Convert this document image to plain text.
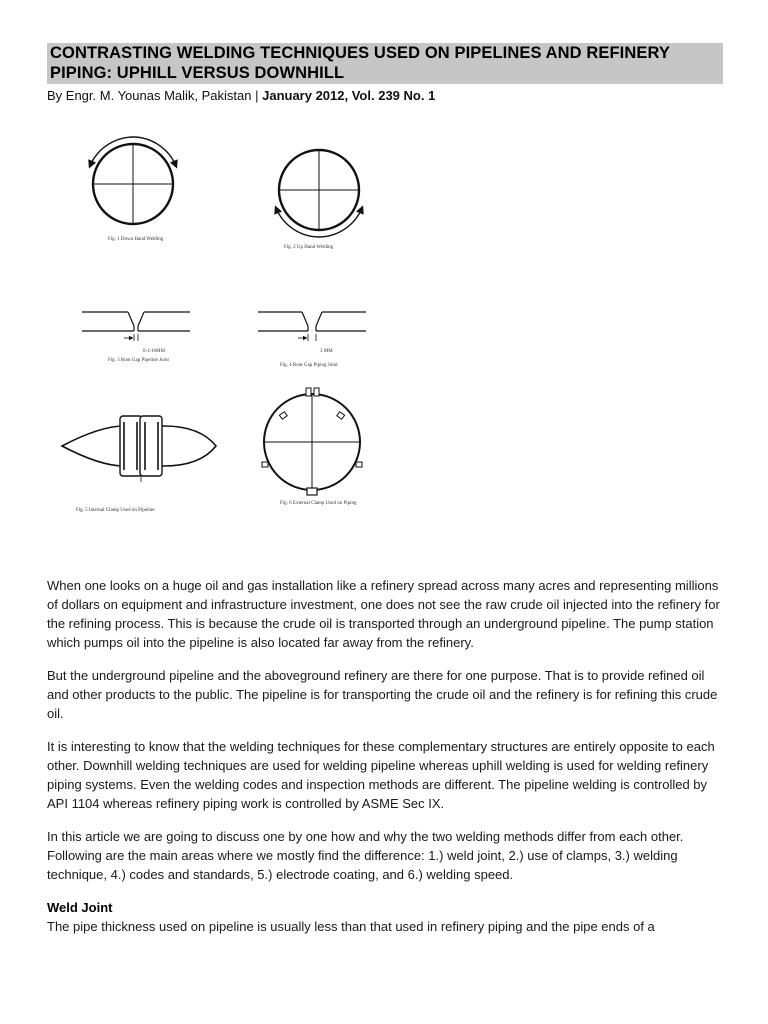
CONTRASTING WELDING TECHNIQUES USED ON PIPELINES AND REFINERY PIPING: UPHILL VERSUS DOWNHILL
By Engr. M. Younas Malik, Pakistan | January 2012, Vol. 239 No. 1
Fig. 1 Down Hand Welding
Fig. 2 Up Hand Welding
0-1/16MM
Fig. 3 Root Gap Pipeline Joint
3 MM
Fig. 4 Root Gap Piping Joint
Fig. 5 Internal Clamp Used on Pipeline
Fig. 6 External Clamp Used on Piping

When one looks on a huge oil and gas installation like a refinery spread across many acres and representing millions of dollars on equipment and infrastructure investment, one does not see the raw crude oil injected into the refinery for the refining process. This is because the crude oil is transported through an underground pipeline. The pump station which pumps oil into the pipeline is also located far away from the refinery.

But the underground pipeline and the aboveground refinery are there for one purpose. That is to provide refined oil and other products to the public. The pipeline is for transporting the crude oil and the refinery is for refining this crude oil.

It is interesting to know that the welding techniques for these complementary structures are entirely opposite to each other. Downhill welding techniques are used for welding pipeline whereas uphill welding is used for welding refinery piping systems. Even the welding codes and inspection methods are different. The pipeline welding is controlled by API 1104 whereas refinery piping work is controlled by ASME Sec IX.

In this article we are going to discuss one by one how and why the two welding methods differ from each other. Following are the main areas where we mostly find the difference: 1.) weld joint, 2.) use of clamps, 3.) welding technique, 4.) codes and standards, 5.) electrode coating, and 6.) welding speed.

Weld Joint

The pipe thickness used on pipeline is usually less than that used in refinery piping and the pipe ends of a
